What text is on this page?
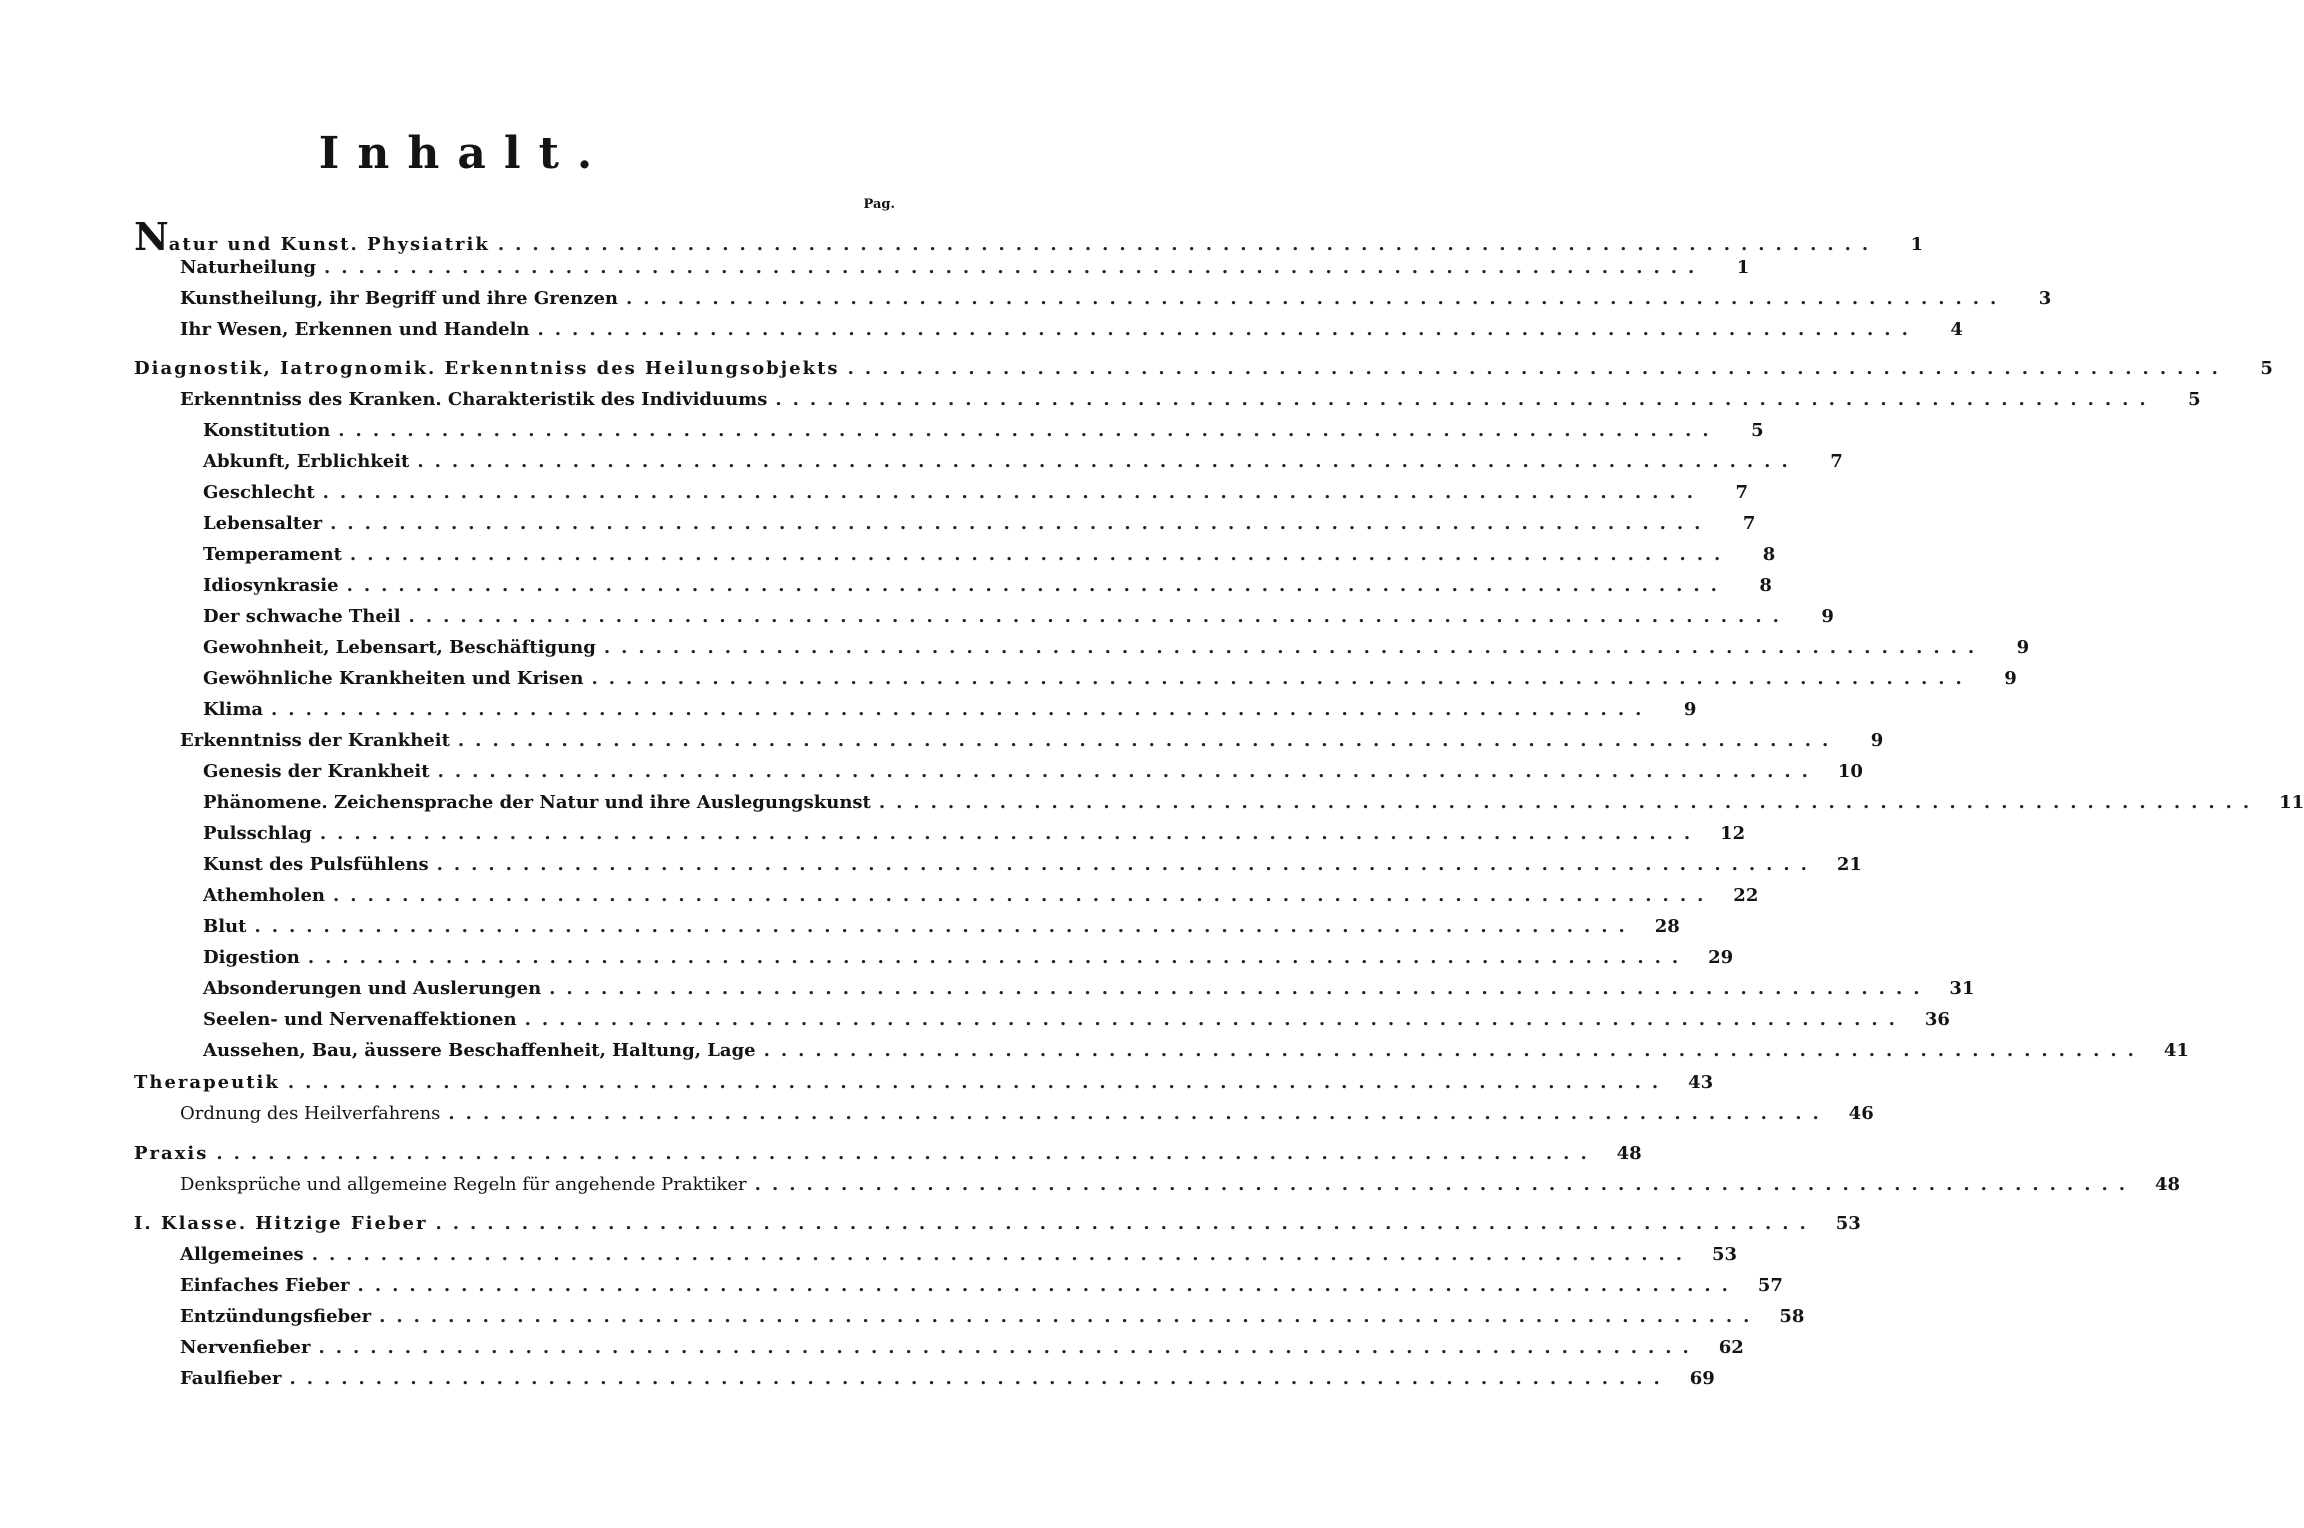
Inhalt.
Pag.
Natur und Kunst. Physiatrik ................................................................................	1
Naturheilung ................................................................................	1
Kunstheilung, ihr Begriff und ihre Grenzen ................................................................................	3
Ihr Wesen, Erkennen und Handeln ................................................................................	4
Diagnostik, Iatrognomik. Erkenntniss des Heilungsobjekts ................................................................................	5
Erkenntniss des Kranken. Charakteristik des Individuums ................................................................................	5
Konstitution ................................................................................	5
Abkunft, Erblichkeit ................................................................................	7
Geschlecht ................................................................................	7
Lebensalter ................................................................................	7
Temperament ................................................................................	8
Idiosynkrasie ................................................................................	8
Der schwache Theil ................................................................................	9
Gewohnheit, Lebensart, Beschäftigung ................................................................................	9
Gewöhnliche Krankheiten und Krisen ................................................................................	9
Klima ................................................................................	9
Erkenntniss der Krankheit ................................................................................	9
Genesis der Krankheit ................................................................................	10
Phänomene. Zeichensprache der Natur und ihre Auslegungskunst ................................................................................	11
Pulsschlag ................................................................................	12
Kunst des Pulsfühlens ................................................................................	21
Athemholen ................................................................................	22
Blut ................................................................................	28
Digestion ................................................................................	29
Absonderungen und Auslerungen ................................................................................	31
Seelen- und Nervenaffektionen ................................................................................	36
Aussehen, Bau, äussere Beschaffenheit, Haltung, Lage ................................................................................	41
Therapeutik ................................................................................	43
Ordnung des Heilverfahrens ................................................................................	46
Praxis ................................................................................	48
Denksprüche und allgemeine Regeln für angehende Praktiker ................................................................................	48
I. Klasse. Hitzige Fieber ................................................................................	53
Allgemeines ................................................................................	53
Einfaches Fieber ................................................................................	57
Entzündungsfieber ................................................................................	58
Nervenfieber ................................................................................	62
Faulfieber ................................................................................	69
